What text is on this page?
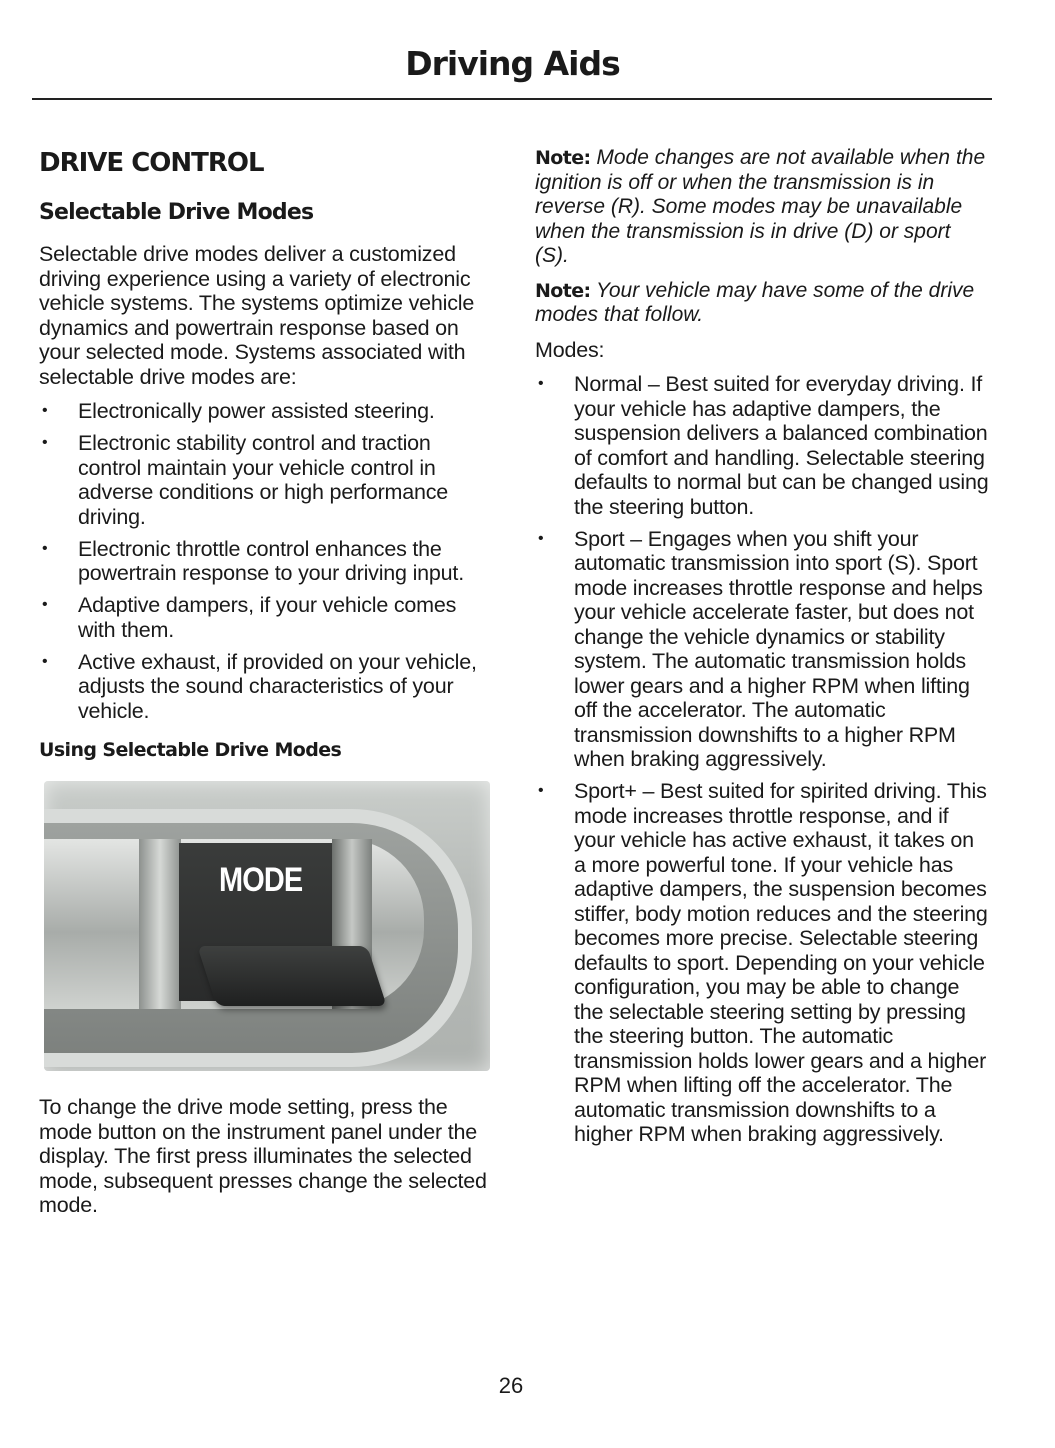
Driving Aids
DRIVE CONTROL
Selectable Drive Modes

Selectable drive modes deliver a customized driving experience using a variety of electronic vehicle systems. The systems optimize vehicle dynamics and powertrain response based on your selected mode. Systems associated with selectable drive modes are:

• Electronically power assisted steering.
• Electronic stability control and traction control maintain your vehicle control in adverse conditions or high performance driving.
• Electronic throttle control enhances the powertrain response to your driving input.
• Adaptive dampers, if your vehicle comes with them.
• Active exhaust, if provided on your vehicle, adjusts the sound characteristics of your vehicle.
Using Selectable Drive Modes
MODE

To change the drive mode setting, press the mode button on the instrument panel under the display. The first press illuminates the selected mode, subsequent presses change the selected mode.

Note: Mode changes are not available when the ignition is off or when the transmission is in reverse (R). Some modes may be unavailable when the transmission is in drive (D) or sport (S).

Note: Your vehicle may have some of the drive modes that follow.

Modes:

• Normal – Best suited for everyday driving. If your vehicle has adaptive dampers, the suspension delivers a balanced combination of comfort and handling. Selectable steering defaults to normal but can be changed using the steering button.
• Sport – Engages when you shift your automatic transmission into sport (S). Sport mode increases throttle response and helps your vehicle accelerate faster, but does not change the vehicle dynamics or stability system. The automatic transmission holds lower gears and a higher RPM when lifting off the accelerator. The automatic transmission downshifts to a higher RPM when braking aggressively.
• Sport+ – Best suited for spirited driving. This mode increases throttle response, and if your vehicle has active exhaust, it takes on a more powerful tone. If your vehicle has adaptive dampers, the suspension becomes stiffer, body motion reduces and the steering becomes more precise. Selectable steering defaults to sport. Depending on your vehicle configuration, you may be able to change the selectable steering setting by pressing the steering button. The automatic transmission holds lower gears and a higher RPM when lifting off the accelerator. The automatic transmission downshifts to a higher RPM when braking aggressively.
26
